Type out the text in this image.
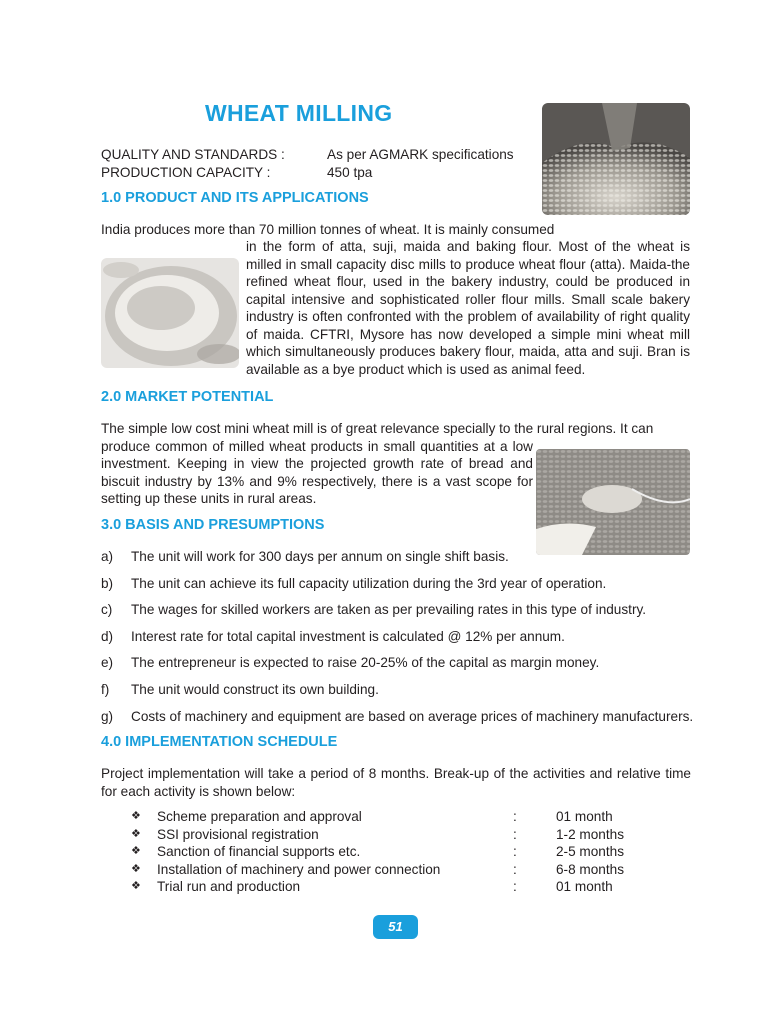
WHEAT MILLING
QUALITY AND STANDARDS :	As per AGMARK specifications
PRODUCTION CAPACITY :	450 tpa
1.0 PRODUCT AND ITS APPLICATIONS
India produces more than 70 million tonnes of wheat. It is mainly consumed
in the form of atta, suji, maida and baking flour. Most of the wheat is milled in small capacity disc mills to produce wheat flour (atta). Maida-the refined wheat flour, used in the bakery industry, could be produced in capital intensive and sophisticated roller flour mills. Small scale bakery industry is often confronted with the problem of availability of right quality of maida. CFTRI, Mysore has now developed a simple mini wheat mill which simultaneously produces bakery flour, maida, atta and suji. Bran is available as a bye product which is used as animal feed.
2.0 MARKET POTENTIAL
The simple low cost mini wheat mill is of great relevance specially to the rural regions. It can
produce common of milled wheat products in small quantities at a low investment. Keeping in view the projected growth rate of bread and biscuit industry by 13% and 9% respectively, there is a vast scope for setting up these units in rural areas.
3.0 BASIS AND PRESUMPTIONS
a)	The unit will work for 300 days per annum on single shift basis.
b)	The unit can achieve its full capacity utilization during the 3rd year of operation.
c)	The wages for skilled workers are taken as per prevailing rates in this type of industry.
d)	Interest rate for total capital investment is calculated @ 12% per annum.
e)	The entrepreneur is expected to raise 20-25% of the capital as margin money.
f)	The unit would construct its own building.
g)	Costs of machinery and equipment are based on average prices of machinery manufacturers.
4.0 IMPLEMENTATION SCHEDULE
Project implementation will take a period of 8 months. Break-up of the activities and relative time for each activity is shown below:
❖	Scheme preparation and approval	:	01 month
❖	SSI provisional registration	:	1-2 months
❖	Sanction of financial supports etc.	:	2-5 months
❖	Installation of machinery and power connection	:	6-8 months
❖	Trial run and production	:	01 month
51
